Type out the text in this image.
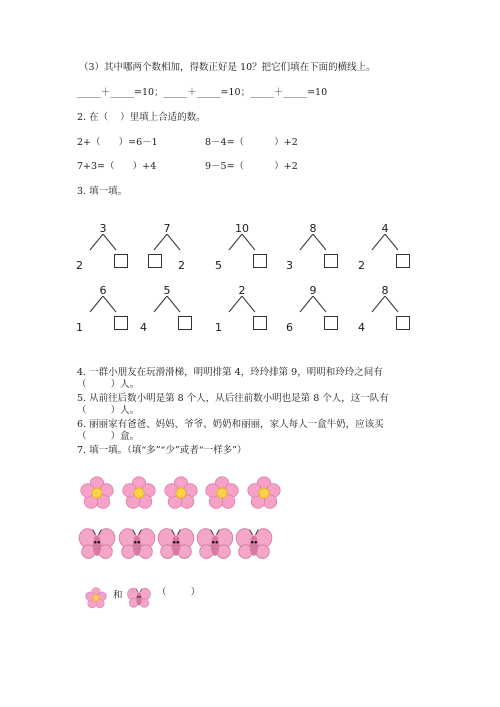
（3）其中哪两个数相加，得数正好是 10？把它们填在下面的横线上。
_____＋_____=10；_____＋_____=10；_____＋_____=10
2. 在（    ）里填上合适的数。
2+（      ）=6－1	8－4=（          ）+2
7+3=（      ）+4	9－5=（          ）+2
3. 填一填。
3
2
7
2
10
5
8
3
4
2
6
1
5
4
2
1
9
6
8
4
4. 一群小朋友在玩滑滑梯，明明排第 4，玲玲排第 9，明明和玲玲之间有
（        ）人。
5. 从前往后数小明是第 8 个人，从后往前数小明也是第 8 个人，这一队有
（        ）人。
6. 丽丽家有爸爸、妈妈、爷爷、奶奶和丽丽，家人每人一盒牛奶，应该买
（        ）盒。
7. 填一填。（填“多”“少”或者“一样多”）
和	（        ）
